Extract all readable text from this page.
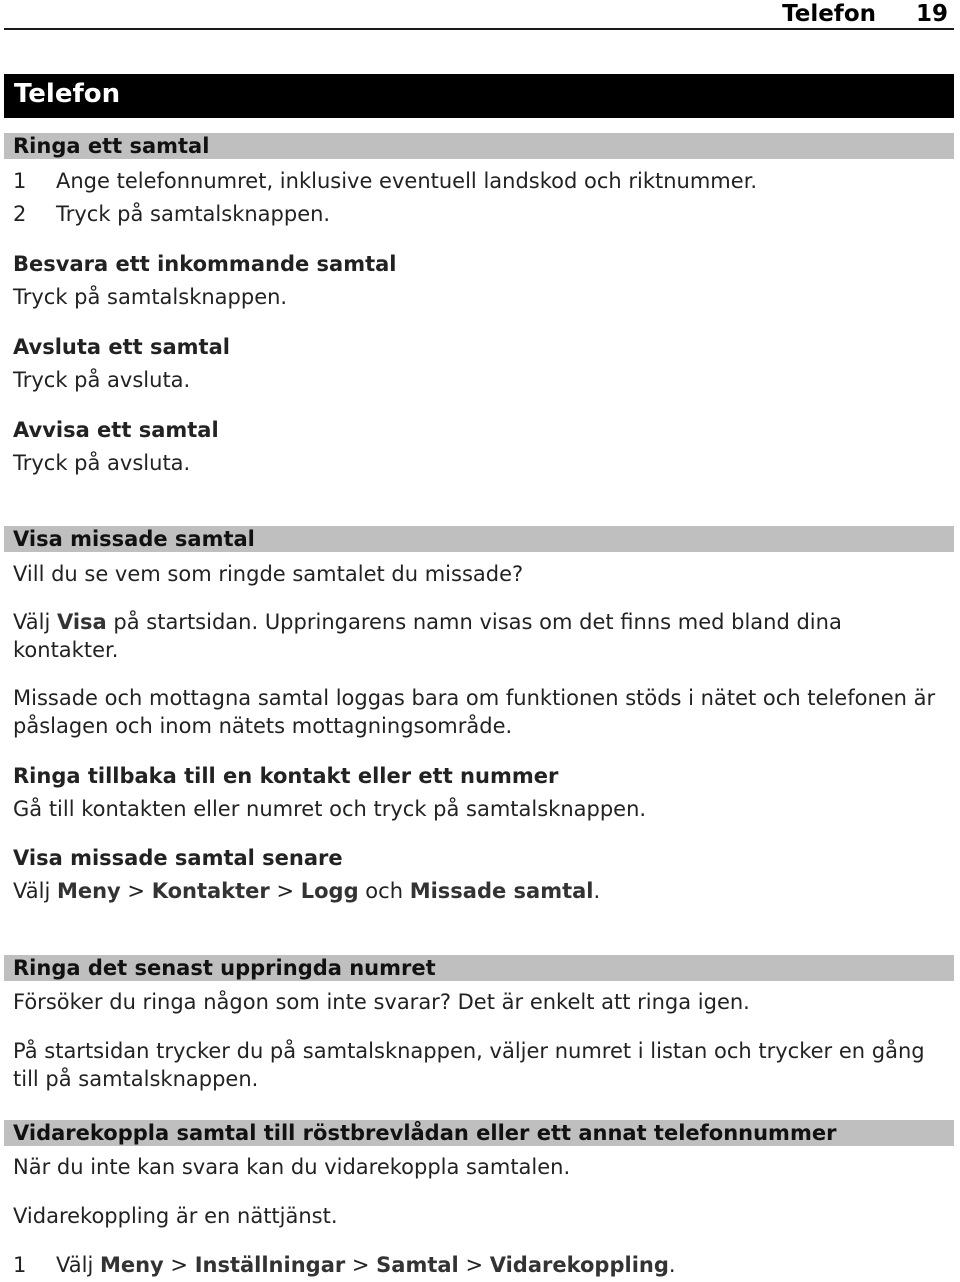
Telefon 19
Telefon
Ringa ett samtal
1 Ange telefonnumret, inklusive eventuell landskod och riktnummer.
2 Tryck på samtalsknappen.
Besvara ett inkommande samtal
Tryck på samtalsknappen.
Avsluta ett samtal
Tryck på avsluta.
Avvisa ett samtal
Tryck på avsluta.
Visa missade samtal
Vill du se vem som ringde samtalet du missade?
Välj Visa på startsidan. Uppringarens namn visas om det finns med bland dina kontakter.
Missade och mottagna samtal loggas bara om funktionen stöds i nätet och telefonen är påslagen och inom nätets mottagningsområde.
Ringa tillbaka till en kontakt eller ett nummer
Gå till kontakten eller numret och tryck på samtalsknappen.
Visa missade samtal senare
Välj Meny > Kontakter > Logg och Missade samtal.
Ringa det senast uppringda numret
Försöker du ringa någon som inte svarar? Det är enkelt att ringa igen.
På startsidan trycker du på samtalsknappen, väljer numret i listan och trycker en gång till på samtalsknappen.
Vidarekoppla samtal till röstbrevlådan eller ett annat telefonnummer
När du inte kan svara kan du vidarekoppla samtalen.
Vidarekoppling är en nättjänst.
1 Välj Meny > Inställningar > Samtal > Vidarekoppling.
